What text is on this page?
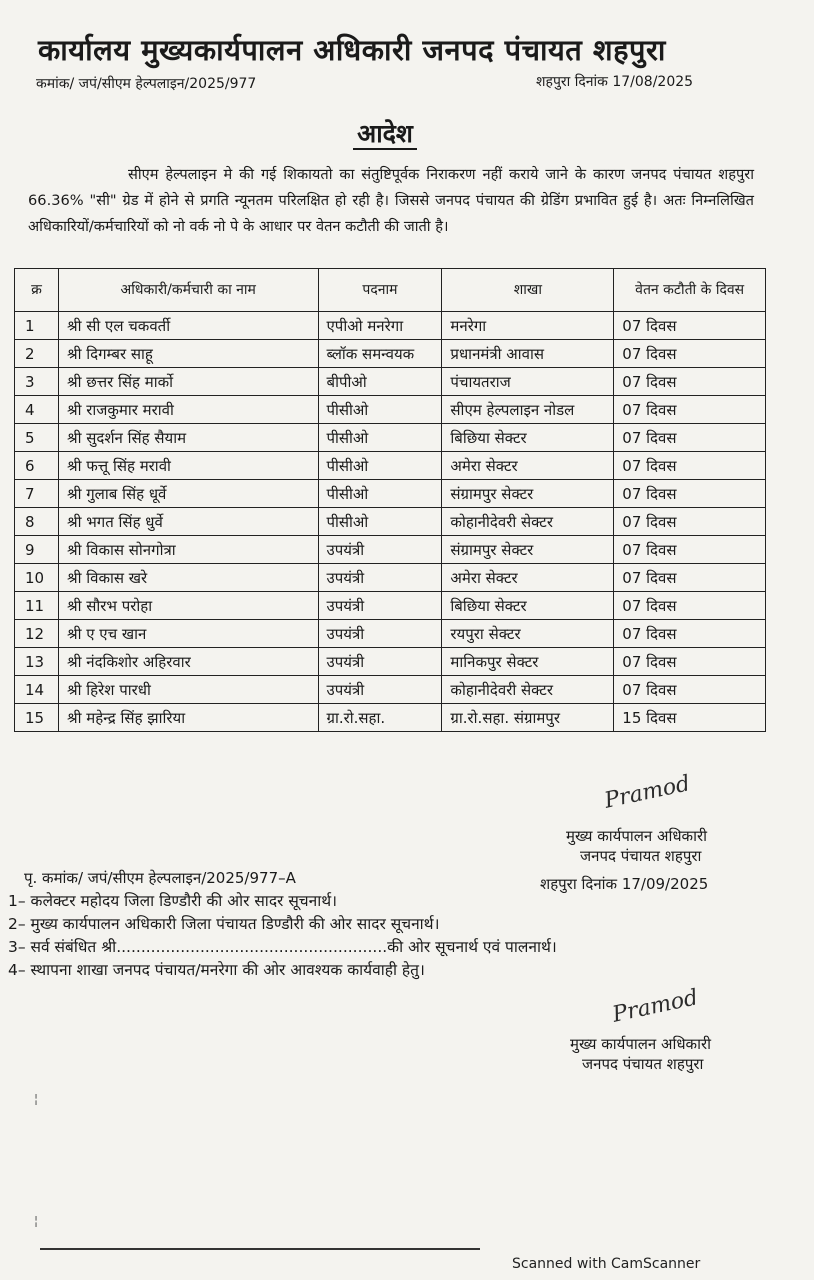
कार्यालय मुख्यकार्यपालन अधिकारी जनपद पंचायत शहपुरा
कमांक/ जपं/सीएम हेल्पलाइन/2025/977	शहपुरा दिनांक 17/08/2025
आदेश
सीएम हेल्पलाइन मे की गई शिकायतो का संतुष्टिपूर्वक निराकरण नहीं कराये जाने के कारण जनपद पंचायत शहपुरा 66.36% "सी" ग्रेड में होने से प्रगति न्यूनतम परिलक्षित हो रही है। जिससे जनपद पंचायत की ग्रेडिंग प्रभावित हुई है। अतः निम्नलिखित अधिकारियों/कर्मचारियों को नो वर्क नो पे के आधार पर वेतन कटौती की जाती है।
क्र	अधिकारी/कर्मचारी का नाम	पदनाम	शाखा	वेतन कटौती के दिवस
1	श्री सी एल चकवर्ती	एपीओ मनरेगा	मनरेगा	07 दिवस
2	श्री दिगम्बर साहू	ब्लॉक समन्वयक	प्रधानमंत्री आवास	07 दिवस
3	श्री छत्तर सिंह मार्को	बीपीओ	पंचायतराज	07 दिवस
4	श्री राजकुमार मरावी	पीसीओ	सीएम हेल्पलाइन नोडल	07 दिवस
5	श्री सुदर्शन सिंह सैयाम	पीसीओ	बिछिया सेक्टर	07 दिवस
6	श्री फत्तू सिंह मरावी	पीसीओ	अमेरा सेक्टर	07 दिवस
7	श्री गुलाब सिंह धूर्वे	पीसीओ	संग्रामपुर सेक्टर	07 दिवस
8	श्री भगत सिंह धुर्वे	पीसीओ	कोहानीदेवरी सेक्टर	07 दिवस
9	श्री विकास सोनगोत्रा	उपयंत्री	संग्रामपुर सेक्टर	07 दिवस
10	श्री विकास खरे	उपयंत्री	अमेरा सेक्टर	07 दिवस
11	श्री सौरभ परोहा	उपयंत्री	बिछिया सेक्टर	07 दिवस
12	श्री ए एच खान	उपयंत्री	रयपुरा सेक्टर	07 दिवस
13	श्री नंदकिशोर अहिरवार	उपयंत्री	मानिकपुर सेक्टर	07 दिवस
14	श्री हिरेश पारधी	उपयंत्री	कोहानीदेवरी सेक्टर	07 दिवस
15	श्री महेन्द्र सिंह झारिया	ग्रा.रो.सहा.	ग्रा.रो.सहा. संग्रामपुर	15 दिवस
Pramod
मुख्य कार्यपालन अधिकारी
जनपद पंचायत शहपुरा
शहपुरा दिनांक 17/09/2025
पृ. कमांक/ जपं/सीएम हेल्पलाइन/2025/977–A
1– कलेक्टर महोदय जिला डिण्डौरी की ओर सादर सूचनार्थ।
2– मुख्य कार्यपालन अधिकारी जिला पंचायत डिण्डौरी की ओर सादर सूचनार्थ।
3– सर्व संबंधित श्री.......................................................की ओर सूचनार्थ एवं पालनार्थ।
4– स्थापना शाखा जनपद पंचायत/मनरेगा की ओर आवश्यक कार्यवाही हेतु।
Pramod
मुख्य कार्यपालन अधिकारी
जनपद पंचायत शहपुरा
¦
¦
Scanned with CamScanner
